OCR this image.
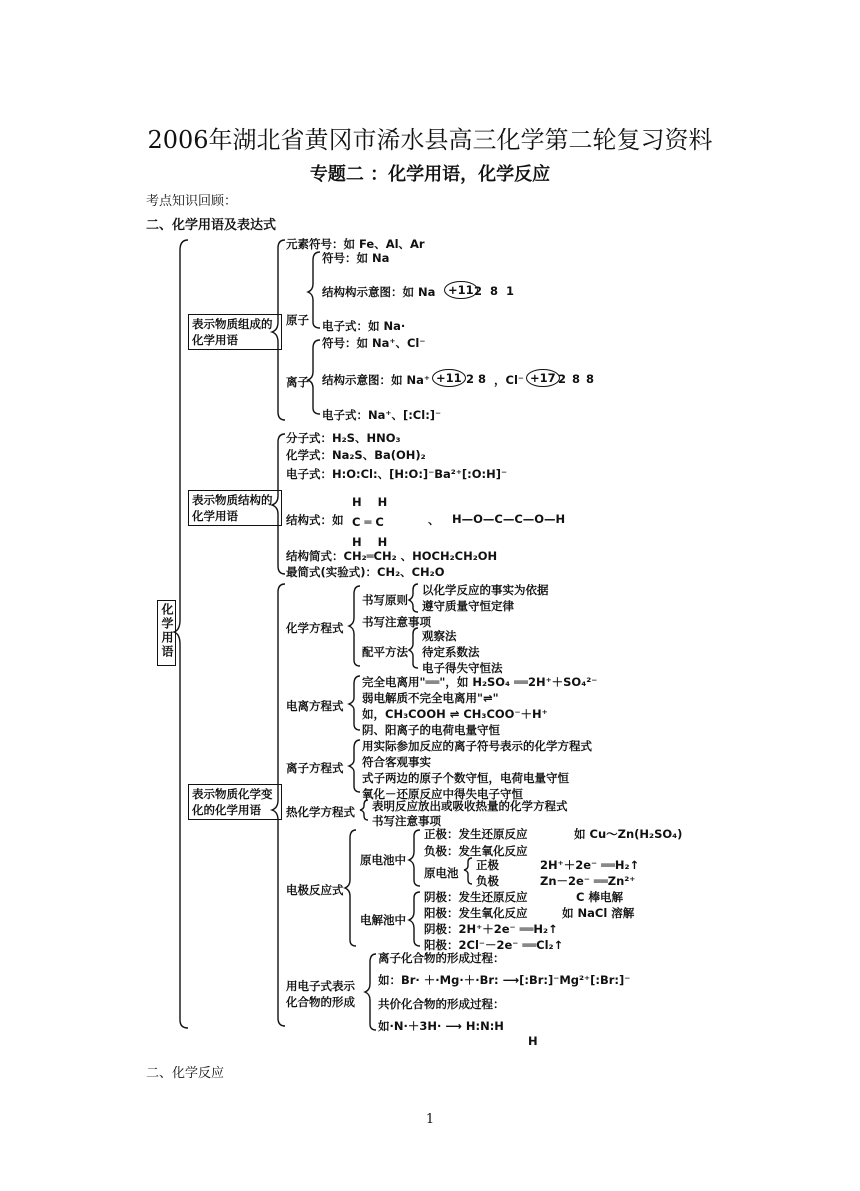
2006年湖北省黄冈市浠水县高三化学第二轮复习资料
专题二 ：化学用语，化学反应
考点知识回顾：
二、化学用语及表达式
化学用语
表示物质组成的化学用语
元素符号：如 Fe、Al、Ar
原子
符号：如 Na
结构构示意图：如 Na	+11 2 8 1
电子式：如 Na·
离子
符号：如 Na⁺、Cl⁻
结构示意图：如 Na⁺ +11 2 8 ，Cl⁻ +17 2 8 8
电子式：Na⁺、[:Cl:]⁻
表示物质结构的化学用语
分子式：H₂S、HNO₃
化学式：Na₂S、Ba(OH)₂
电子式：H:O:Cl:、[H:O:]⁻Ba²⁺[:O:H]⁻
结构式：如
H    H
C ═ C
H    H
、 H—O—C—C—O—H
结构简式：CH₂═CH₂ 、HOCH₂CH₂OH
最简式(实验式)：CH₂、CH₂O
表示物质化学变化的化学用语
化学方程式
书写原则
以化学反应的事实为依据
遵守质量守恒定律
书写注意事项
配平方法
观察法
待定系数法
电子得失守恒法
电离方程式
完全电离用"══"，如 H₂SO₄ ══2H⁺＋SO₄²⁻
弱电解质不完全电离用"⇌"
如，CH₃COOH ⇌ CH₃COO⁻＋H⁺
阴、阳离子的电荷电量守恒
离子方程式
用实际参加反应的离子符号表示的化学方程式
符合客观事实
式子两边的原子个数守恒，电荷电量守恒
氧化－还原反应中得失电子守恒
热化学方程式 表明反应放出或吸收热量的化学方程式
书写注意事项
电极反应式
原电池中
正极：发生还原反应	如 Cu～Zn(H₂SO₄)
负极：发生氧化反应
原电池
正极	2H⁺＋2e⁻ ══H₂↑
负极	Zn－2e⁻ ══Zn²⁺
电解池中
阴极：发生还原反应	C 棒电解
阳极：发生氧化反应	如 NaCl 溶解
阴极：2H⁺＋2e⁻ ══H₂↑
阳极：2Cl⁻－2e⁻ ══Cl₂↑
用电子式表示
化合物的形成
离子化合物的形成过程：
如：Br· ＋·Mg·＋·Br: ⟶[:Br:]⁻Mg²⁺[:Br:]⁻
共价化合物的形成过程：
如·N·＋3H· ⟶ H:N:H
H
二、化学反应
1
